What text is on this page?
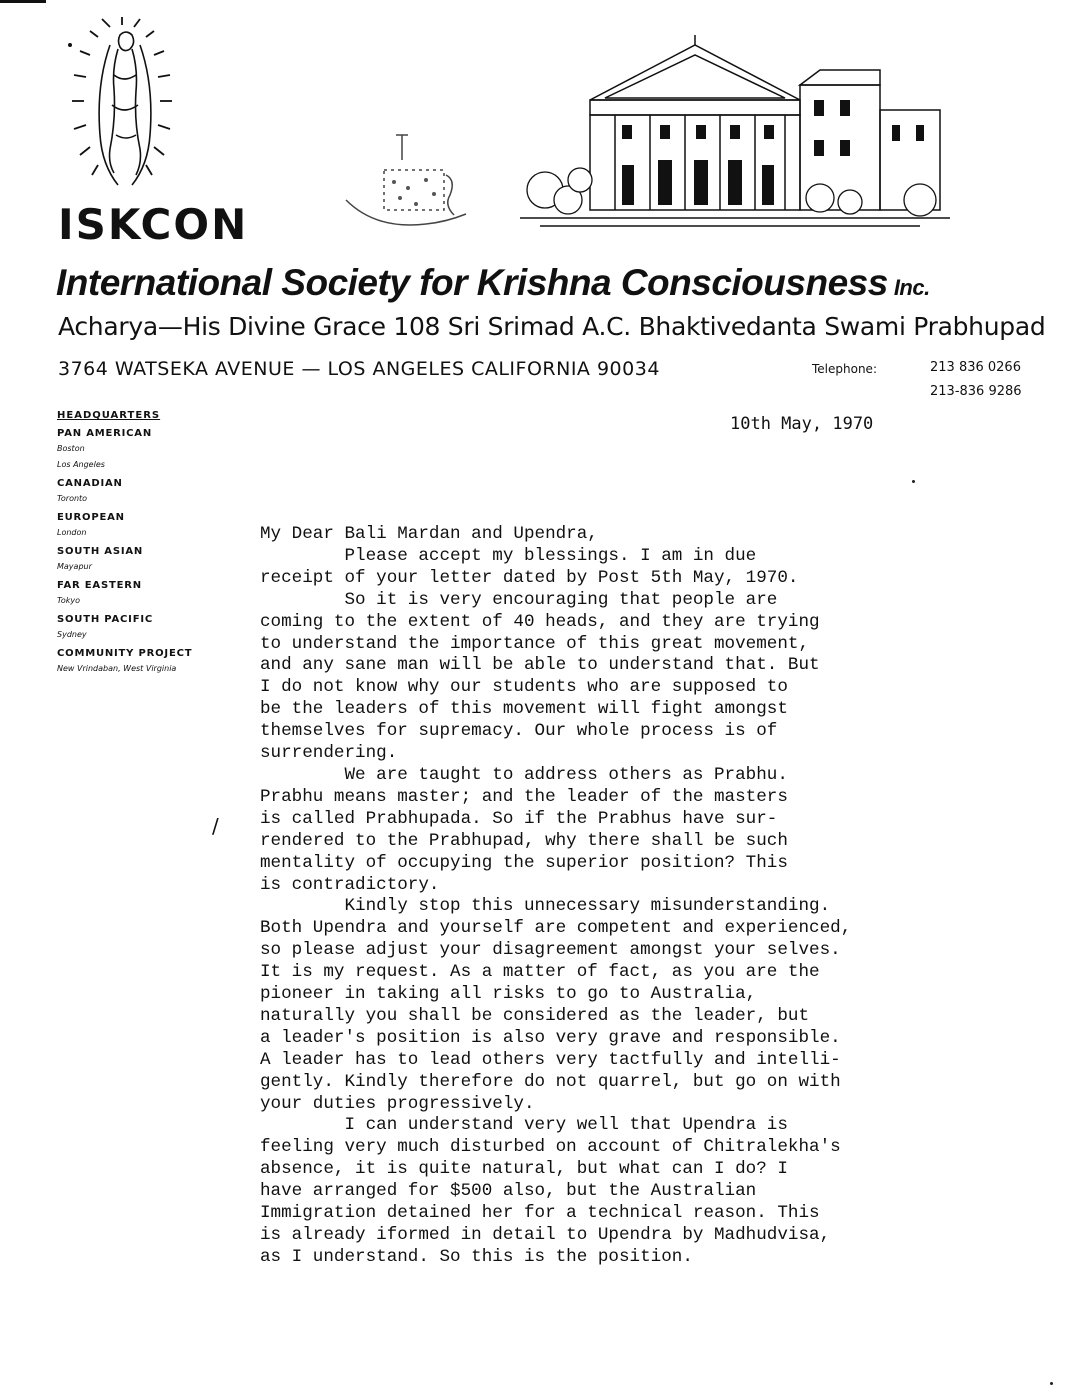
ISKCON
International Society for Krishna Consciousness Inc.
Acharya—His Divine Grace 108 Sri Srimad A.C. Bhaktivedanta Swami Prabhupad
3764 WATSEKA AVENUE — LOS ANGELES CALIFORNIA 90034	Telephone:	213 836 0266
213-836 9286
HEADQUARTERS
PAN AMERICAN
Boston
Los Angeles
CANADIAN
Toronto
EUROPEAN
London
SOUTH ASIAN
Mayapur
FAR EASTERN
Tokyo
SOUTH PACIFIC
Sydney
COMMUNITY PROJECT
New Vrindaban, West Virginia
10th May, 1970
/
My Dear Bali Mardan and Upendra,
Please accept my blessings. I am in due
receipt of your letter dated by Post 5th May, 1970.
So it is very encouraging that people are
coming to the extent of 40 heads, and they are trying
to understand the importance of this great movement,
and any sane man will be able to understand that. But
I do not know why our students who are supposed to
be the leaders of this movement will fight amongst
themselves for supremacy. Our whole process is of
surrendering.
We are taught to address others as Prabhu.
Prabhu means master; and the leader of the masters
is called Prabhupada. So if the Prabhus have sur-
rendered to the Prabhupad, why there shall be such
mentality of occupying the superior position? This
is contradictory.
Kindly stop this unnecessary misunderstanding.
Both Upendra and yourself are competent and experienced,
so please adjust your disagreement amongst your selves.
It is my request. As a matter of fact, as you are the
pioneer in taking all risks to go to Australia,
naturally you shall be considered as the leader, but
a leader's position is also very grave and responsible.
A leader has to lead others very tactfully and intelli-
gently. Kindly therefore do not quarrel, but go on with
your duties progressively.
I can understand very well that Upendra is
feeling very much disturbed on account of Chitralekha's
absence, it is quite natural, but what can I do? I
have arranged for $500 also, but the Australian
Immigration detained her for a technical reason. This
is already iformed in detail to Upendra by Madhudvisa,
as I understand. So this is the position.
